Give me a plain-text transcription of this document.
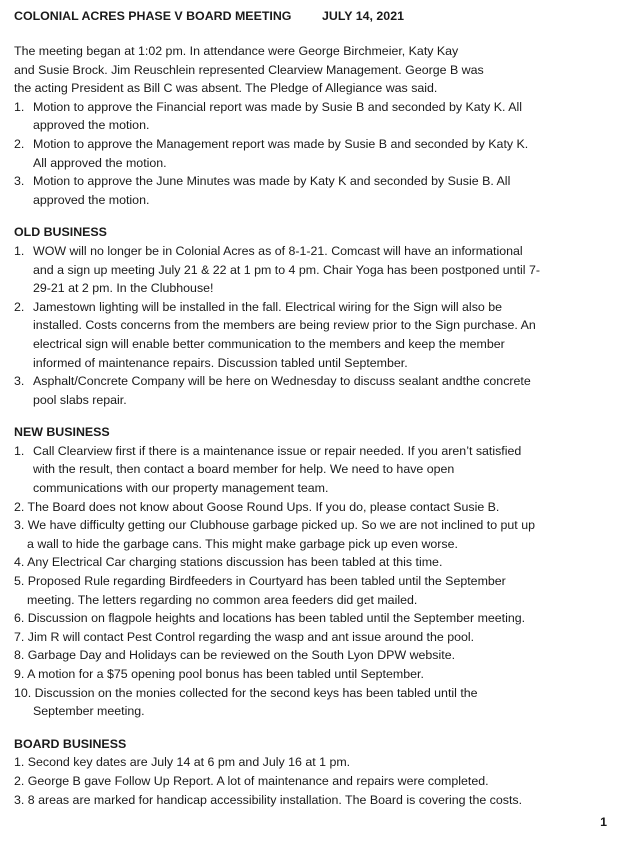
COLONIAL ACRES PHASE V BOARD MEETING JULY 14, 2021
The meeting began at 1:02 pm. In attendance were George Birchmeier, Katy Kay
and Susie Brock. Jim Reuschlein represented Clearview Management. George B was
the acting President as Bill C was absent. The Pledge of Allegiance was said.
1. Motion to approve the Financial report was made by Susie B and seconded by Katy K. All
approved the motion.
2. Motion to approve the Management report was made by Susie B and seconded by Katy K.
All approved the motion.
3. Motion to approve the June Minutes was made by Katy K and seconded by Susie B. All
approved the motion.
OLD BUSINESS
1. WOW will no longer be in Colonial Acres as of 8-1-21. Comcast will have an informational
and a sign up meeting July 21 & 22 at 1 pm to 4 pm. Chair Yoga has been postponed until 7-
29-21 at 2 pm. In the Clubhouse!
2. Jamestown lighting will be installed in the fall. Electrical wiring for the Sign will also be
installed. Costs concerns from the members are being review prior to the Sign purchase. An
electrical sign will enable better communication to the members and keep the member
informed of maintenance repairs. Discussion tabled until September.
3. Asphalt/Concrete Company will be here on Wednesday to discuss sealant andthe concrete
pool slabs repair.
NEW BUSINESS
1. Call Clearview first if there is a maintenance issue or repair needed. If you aren’t satisfied
with the result, then contact a board member for help. We need to have open
communications with our property management team.
2. The Board does not know about Goose Round Ups. If you do, please contact Susie B.
3. We have difficulty getting our Clubhouse garbage picked up. So we are not inclined to put up
a wall to hide the garbage cans. This might make garbage pick up even worse.
4. Any Electrical Car charging stations discussion has been tabled at this time.
5. Proposed Rule regarding Birdfeeders in Courtyard has been tabled until the September
meeting. The letters regarding no common area feeders did get mailed.
6. Discussion on flagpole heights and locations has been tabled until the September meeting.
7. Jim R will contact Pest Control regarding the wasp and ant issue around the pool.
8. Garbage Day and Holidays can be reviewed on the South Lyon DPW website.
9. A motion for a $75 opening pool bonus has been tabled until September.
10. Discussion on the monies collected for the second keys has been tabled until the
September meeting.
BOARD BUSINESS
1. Second key dates are July 14 at 6 pm and July 16 at 1 pm.
2. George B gave Follow Up Report. A lot of maintenance and repairs were completed.
3. 8 areas are marked for handicap accessibility installation. The Board is covering the costs.
1
